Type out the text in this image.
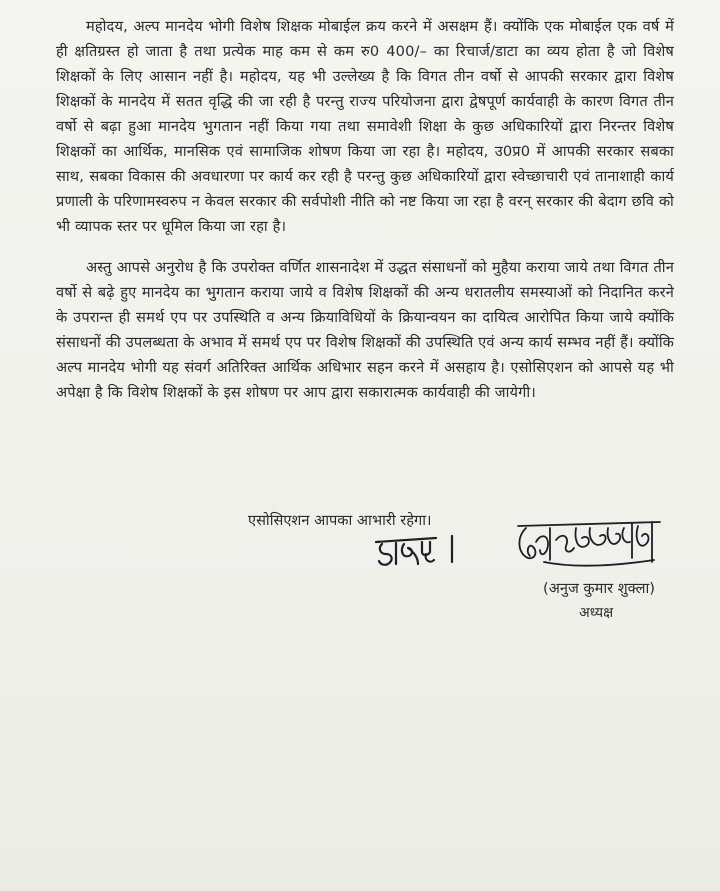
महोदय, अल्प मानदेय भोगी विशेष शिक्षक मोबाईल क्रय करने में असक्षम हैं। क्योंकि एक मोबाईल एक वर्ष में ही क्षतिग्रस्त हो जाता है तथा प्रत्येक माह कम से कम रु0 400/– का रिचार्ज/डाटा का व्यय होता है जो विशेष शिक्षकों के लिए आसान नहीं है। महोदय, यह भी उल्लेख्य है कि विगत तीन वर्षो से आपकी सरकार द्वारा विशेष शिक्षकों के मानदेय में सतत वृद्धि की जा रही है परन्तु राज्य परियोजना द्वारा द्वेषपूर्ण कार्यवाही के कारण विगत तीन वर्षो से बढ़ा हुआ मानदेय भुगतान नहीं किया गया तथा समावेशी शिक्षा के कुछ अधिकारियों द्वारा निरन्तर विशेष शिक्षकों का आर्थिक, मानसिक एवं सामाजिक शोषण किया जा रहा है। महोदय, उ0प्र0 में आपकी सरकार सबका साथ, सबका विकास की अवधारणा पर कार्य कर रही है परन्तु कुछ अधिकारियों द्वारा स्वेच्छाचारी एवं तानाशाही कार्य प्रणाली के परिणामस्वरुप न केवल सरकार की सर्वपोशी नीति को नष्ट किया जा रहा है वरन् सरकार की बेदाग छवि को भी व्यापक स्तर पर धूमिल किया जा रहा है।

अस्तु आपसे अनुरोध है कि उपरोक्त वर्णित शासनादेश में उद्धत संसाधनों को मुहैया कराया जाये तथा विगत तीन वर्षो से बढ़े हुए मानदेय का भुगतान कराया जाये व विशेष शिक्षकों की अन्य धरातलीय समस्याओं को निदानित करने के उपरान्त ही समर्थ एप पर उपस्थिति व अन्य क्रियाविधियों के क्रियान्वयन का दायित्व आरोपित किया जाये क्योंकि संसाधनों की उपलब्धता के अभाव में समर्थ एप पर विशेष शिक्षकों की उपस्थिति एवं अन्य कार्य सम्भव नहीं हैं। क्योंकि अल्प मानदेय भोगी यह संवर्ग अतिरिक्त आर्थिक अधिभार सहन करने में असहाय है। एसोसिएशन को आपसे यह भी अपेक्षा है कि विशेष शिक्षकों के इस शोषण पर आप द्वारा सकारात्मक कार्यवाही की जायेगी।

एसोसिएशन आपका आभारी रहेगा।
(अनुज कुमार शुक्ला)
अध्यक्ष
